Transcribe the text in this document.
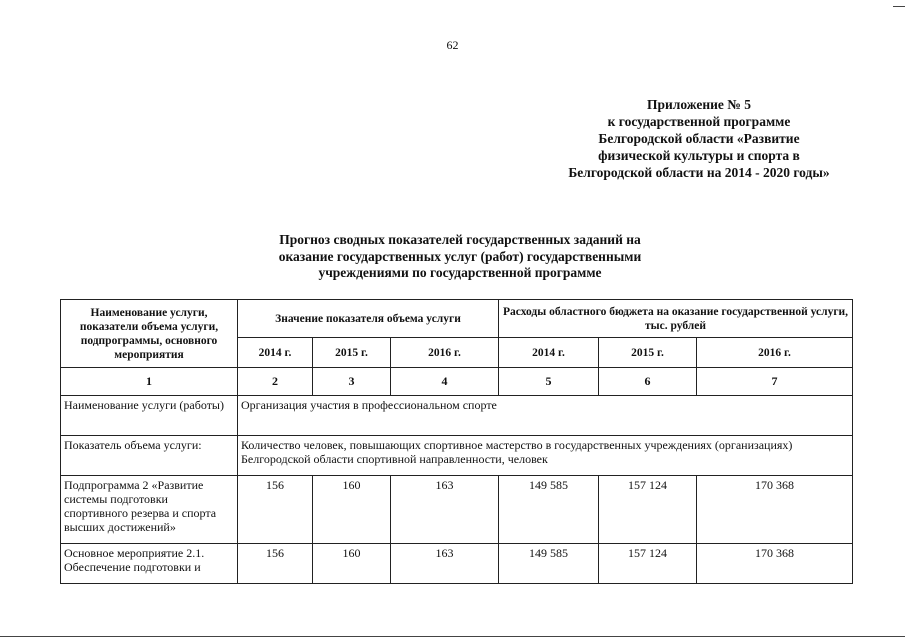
62
Приложение № 5
к государственной программе
Белгородской области «Развитие
физической культуры и спорта в
Белгородской области на 2014 - 2020 годы»
Прогноз сводных показателей государственных заданий на
оказание государственных услуг (работ) государственными
учреждениями по государственной программе
Наименование услуги, показатели объема услуги, подпрограммы, основного мероприятия	Значение показателя объема услуги			Расходы областного бюджета на оказание государственной услуги, тыс. рублей		
	2014 г.	2015 г.	2016 г.	2014 г.	2015 г.	2016 г.
1	2	3	4	5	6	7
Наименование услуги (работы)	Организация участия в профессиональном спорте					
Показатель объема услуги:	Количество человек, повышающих спортивное мастерство в государственных учреждениях (организациях) Белгородской области спортивной направленности, человек					
Подпрограмма 2 «Развитие системы подготовки спортивного резерва и спорта высших достижений»	156	160	163	149 585	157 124	170 368
Основное мероприятие 2.1. Обеспечение подготовки и	156	160	163	149 585	157 124	170 368
